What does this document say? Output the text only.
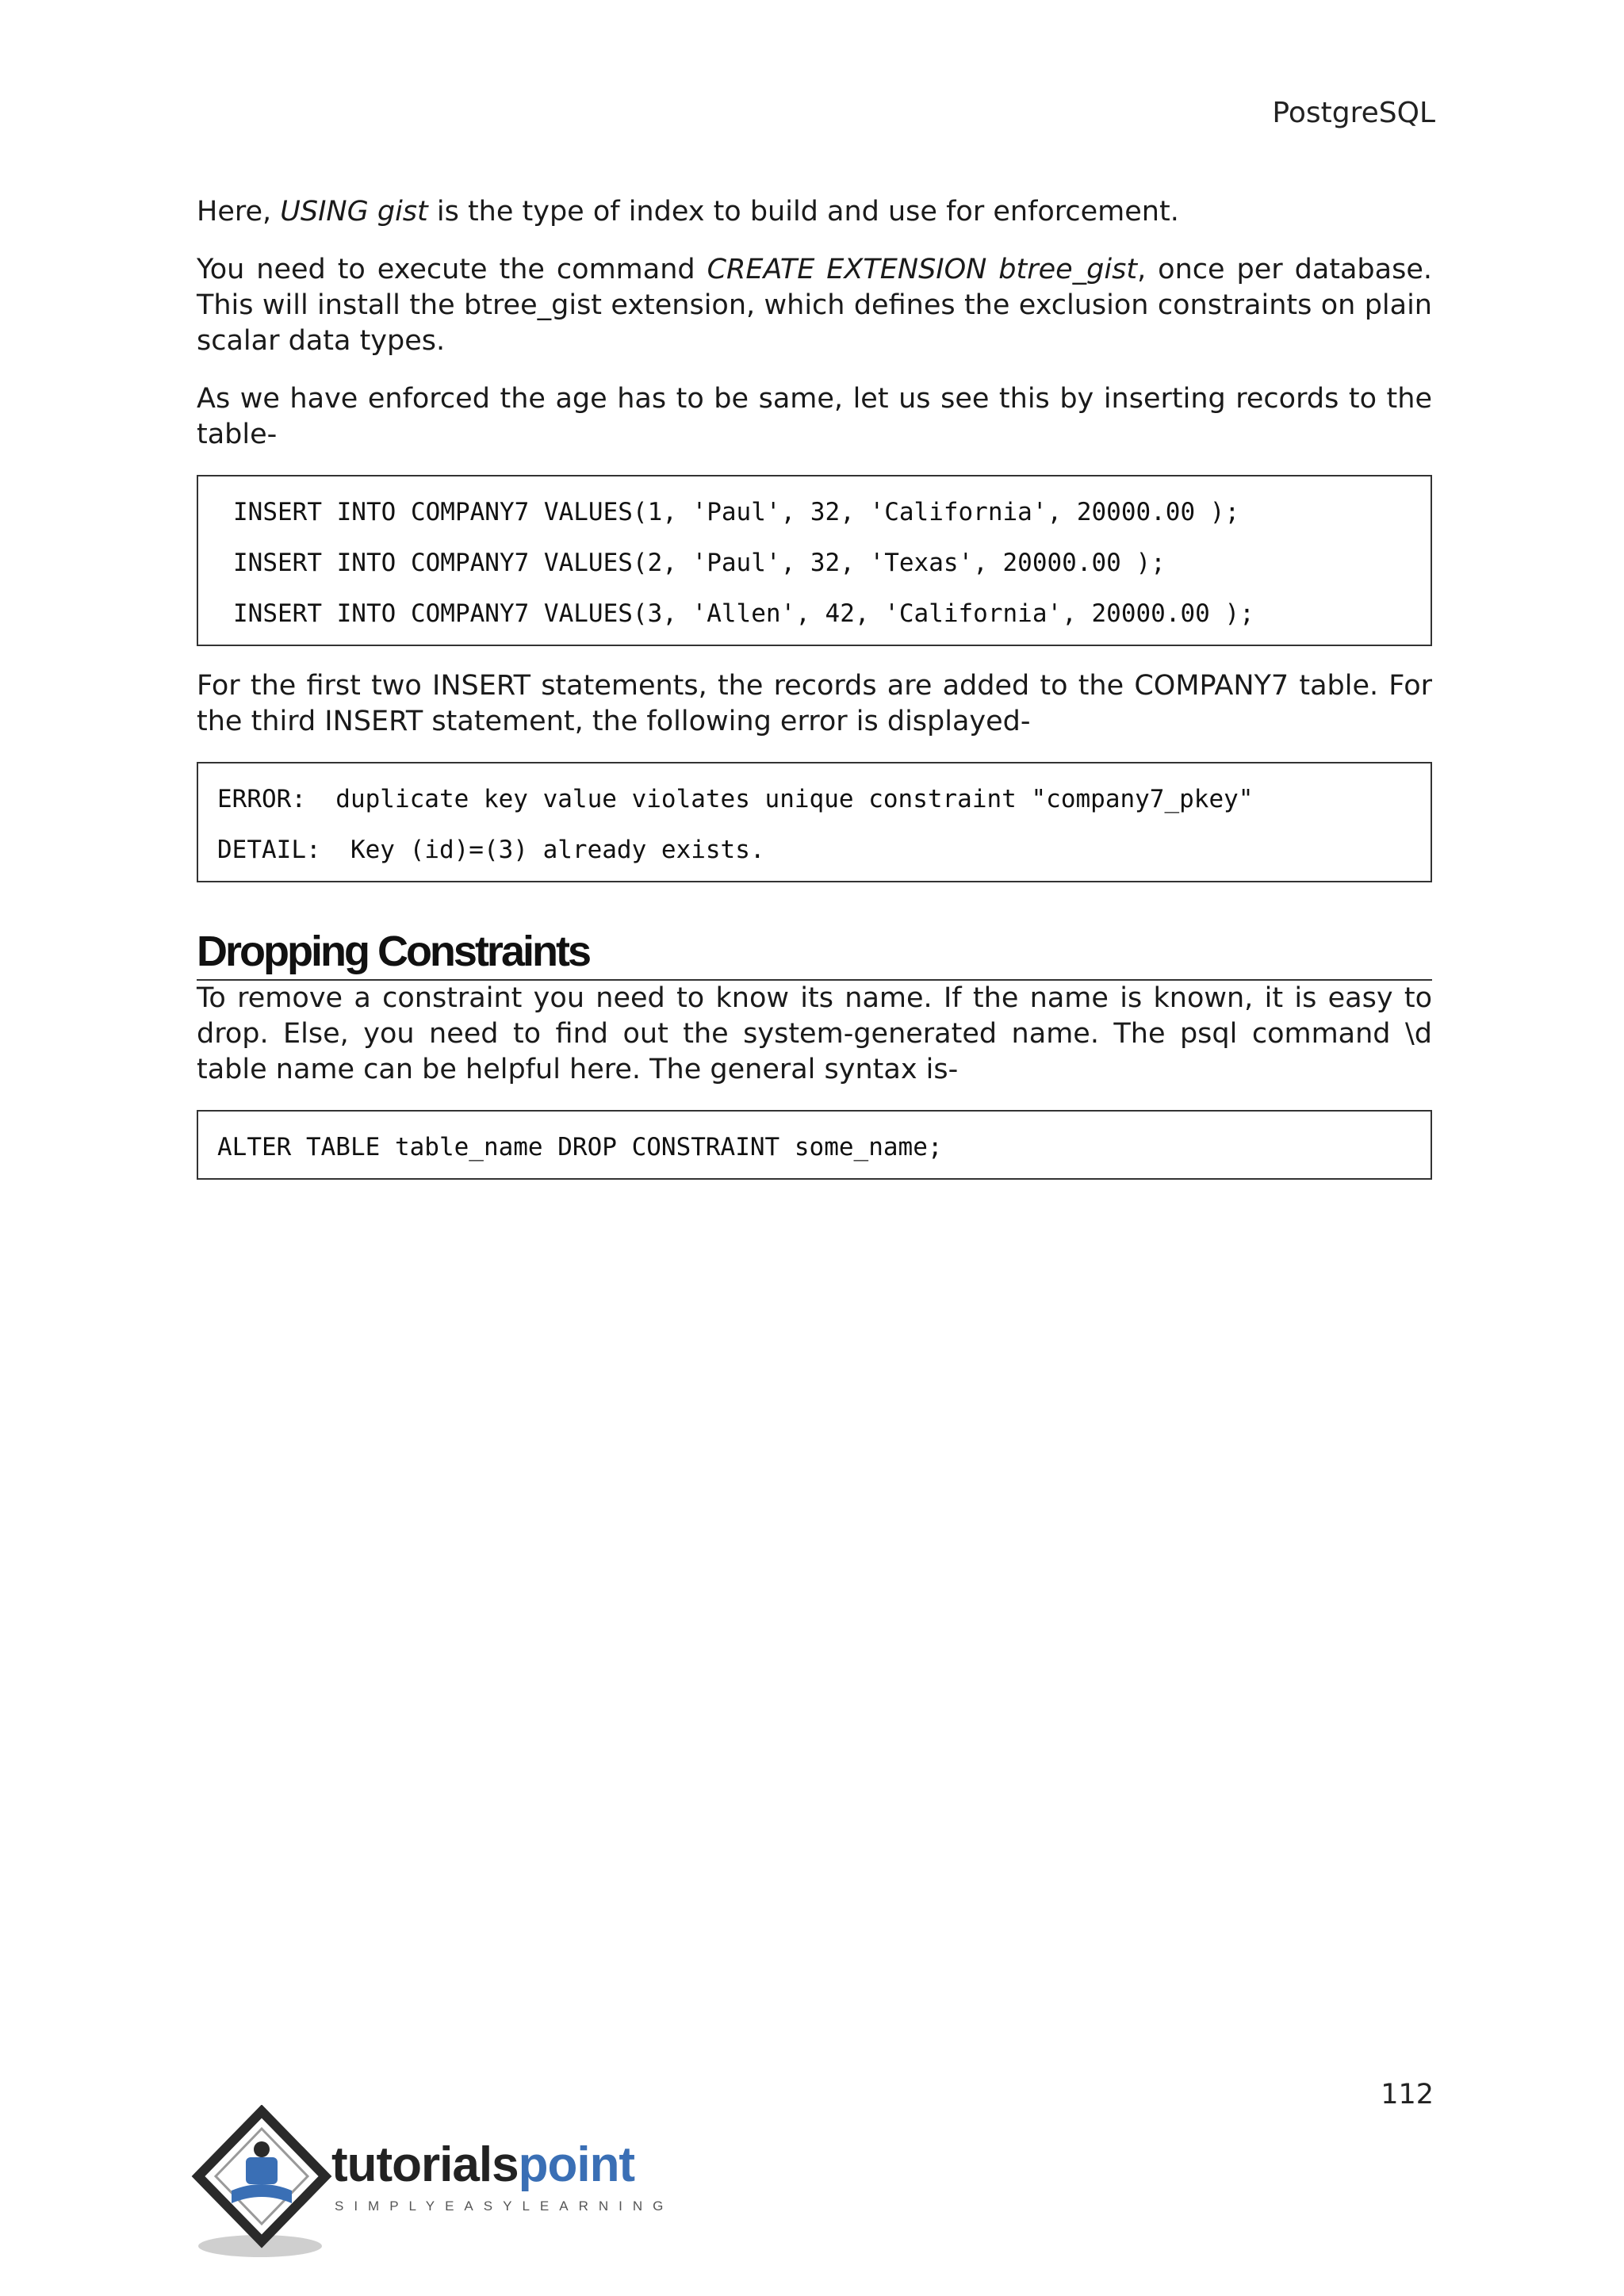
PostgreSQL

Here, USING gist is the type of index to build and use for enforcement.

You need to execute the command CREATE EXTENSION btree_gist, once per database. This will install the btree_gist extension, which defines the exclusion constraints on plain scalar data types.

As we have enforced the age has to be same, let us see this by inserting records to the table-

INSERT INTO COMPANY7 VALUES(1, 'Paul', 32, 'California', 20000.00 );
INSERT INTO COMPANY7 VALUES(2, 'Paul', 32, 'Texas', 20000.00 );
INSERT INTO COMPANY7 VALUES(3, 'Allen', 42, 'California', 20000.00 );

For the first two INSERT statements, the records are added to the COMPANY7 table. For the third INSERT statement, the following error is displayed-

ERROR:  duplicate key value violates unique constraint "company7_pkey"
DETAIL:  Key (id)=(3) already exists.
Dropping Constraints

To remove a constraint you need to know its name. If the name is known, it is easy to drop. Else, you need to find out the system-generated name. The psql command \d table name can be helpful here. The general syntax is-

ALTER TABLE table_name DROP CONSTRAINT some_name;
112
tutorialspoint
SIMPLYEASYLEARNING
